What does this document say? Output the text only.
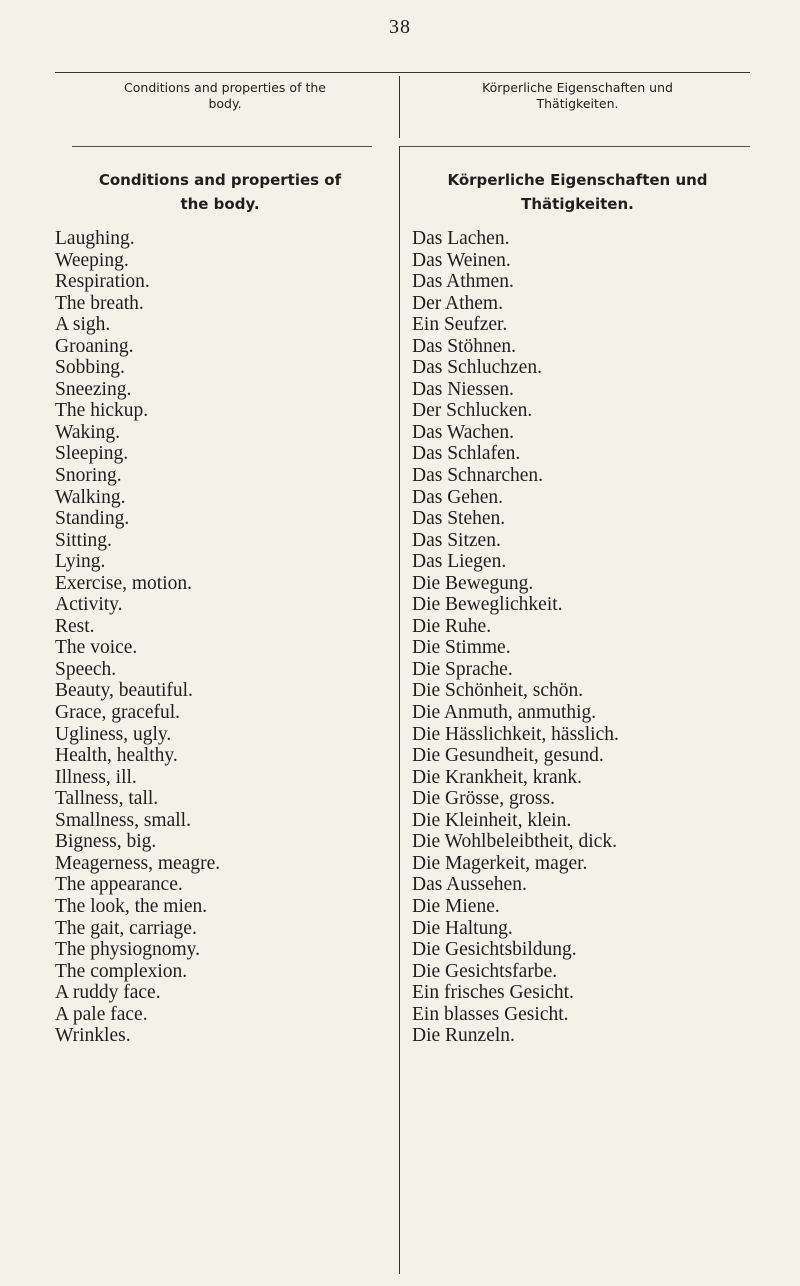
38
Conditions and properties of the
body.
Körperliche Eigenschaften und
Thätigkeiten.
Conditions and properties of
the body.
Körperliche Eigenschaften und
Thätigkeiten.
Laughing.
Weeping.
Respiration.
The breath.
A sigh.
Groaning.
Sobbing.
Sneezing.
The hickup.
Waking.
Sleeping.
Snoring.
Walking.
Standing.
Sitting.
Lying.
Exercise, motion.
Activity.
Rest.
The voice.
Speech.
Beauty, beautiful.
Grace, graceful.
Ugliness, ugly.
Health, healthy.
Illness, ill.
Tallness, tall.
Smallness, small.
Bigness, big.
Meagerness, meagre.
The appearance.
The look, the mien.
The gait, carriage.
The physiognomy.
The complexion.
A ruddy face.
A pale face.
Wrinkles.
Das Lachen.
Das Weinen.
Das Athmen.
Der Athem.
Ein Seufzer.
Das Stöhnen.
Das Schluchzen.
Das Niessen.
Der Schlucken.
Das Wachen.
Das Schlafen.
Das Schnarchen.
Das Gehen.
Das Stehen.
Das Sitzen.
Das Liegen.
Die Bewegung.
Die Beweglichkeit.
Die Ruhe.
Die Stimme.
Die Sprache.
Die Schönheit, schön.
Die Anmuth, anmuthig.
Die Hässlichkeit, hässlich.
Die Gesundheit, gesund.
Die Krankheit, krank.
Die Grösse, gross.
Die Kleinheit, klein.
Die Wohlbeleibtheit, dick.
Die Magerkeit, mager.
Das Aussehen.
Die Miene.
Die Haltung.
Die Gesichtsbildung.
Die Gesichtsfarbe.
Ein frisches Gesicht.
Ein blasses Gesicht.
Die Runzeln.
